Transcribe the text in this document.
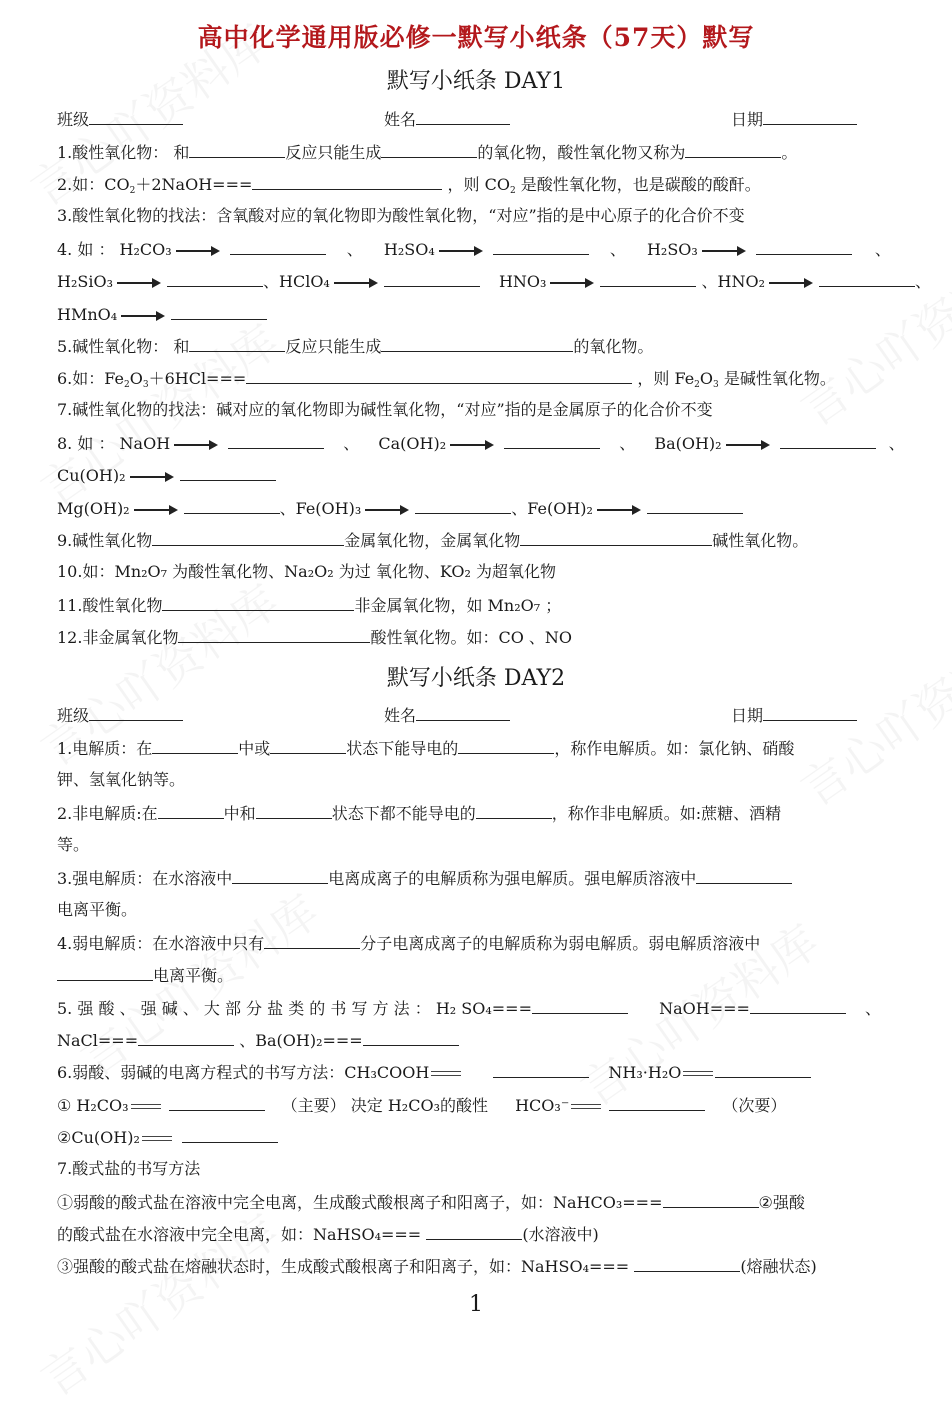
高中化学通用版必修一默写小纸条（57天）默写
默写小纸条 DAY1
班级	姓名	日期
1.酸性氧化物： 和	反应只能生成	的氧化物，酸性氧化物又称为	。
2.如：$CO_2+2NaOH===$	，则 $CO_2$ 是酸性氧化物，也是碳酸的酸酐。
3.酸性氧化物的找法：含氧酸对应的氧化物即为酸性氧化物，“对应”指的是中心原子的化合价不变
4. 如 ： H₂CO₃	、 H₂SO₄	、 H₂SO₃	、
H₂SiO₃	、HClO₄	HNO₃	、HNO₂	、
HMnO₄
5.碱性氧化物： 和	反应只能生成	的氧化物。
6.如：$Fe_2O_3+6HCl===$	，则 $Fe_2O_3$ 是碱性氧化物。
7.碱性氧化物的找法：碱对应的氧化物即为碱性氧化物，“对应”指的是金属原子的化合价不变
8. 如 ： NaOH	、 Ca(OH)₂	、 Ba(OH)₂	、
Cu(OH)₂
Mg(OH)₂	、Fe(OH)₃	、Fe(OH)₂
9.碱性氧化物	金属氧化物，金属氧化物	碱性氧化物。
10.如：Mn₂O₇ 为酸性氧化物、Na₂O₂ 为过 氧化物、KO₂ 为超氧化物
11.酸性氧化物	非金属氧化物，如 Mn₂O₇ ；
12.非金属氧化物	酸性氧化物。如：CO 、NO
默写小纸条 DAY2
班级	姓名	日期
1.电解质：在	中或	状态下能导电的	，称作电解质。如：氯化钠、硝酸
钾、氢氧化钠等。
2.非电解质:在	中和	状态下都不能导电的	，称作非电解质。如:蔗糖、酒精
等。
3.强电解质：在水溶液中	电离成离子的电解质称为强电解质。强电解质溶液中
电离平衡。
4.弱电解质：在水溶液中只有	分子电离成离子的电解质称为弱电解质。弱电解质溶液中
电离平衡。
5. 强 酸 、 强 碱 、 大 部 分 盐 类 的 书 写 方 法 ： H₂ SO₄===	NaOH===	、
NaCl===	、Ba(OH)₂===
6.弱酸、弱碱的电离方程式的书写方法：CH₃COOH	NH₃·H₂O
① H₂CO₃	（主要） 决定 H₂CO₃的酸性 HCO₃⁻	（次要）
②Cu(OH)₂
7.酸式盐的书写方法
①弱酸的酸式盐在溶液中完全电离，生成酸式酸根离子和阳离子，如：NaHCO₃===	②强酸
的酸式盐在水溶液中完全电离，如：NaHSO₄===	(水溶液中)
③强酸的酸式盐在熔融状态时，生成酸式酸根离子和阳离子，如：NaHSO₄===	(熔融状态)
1
